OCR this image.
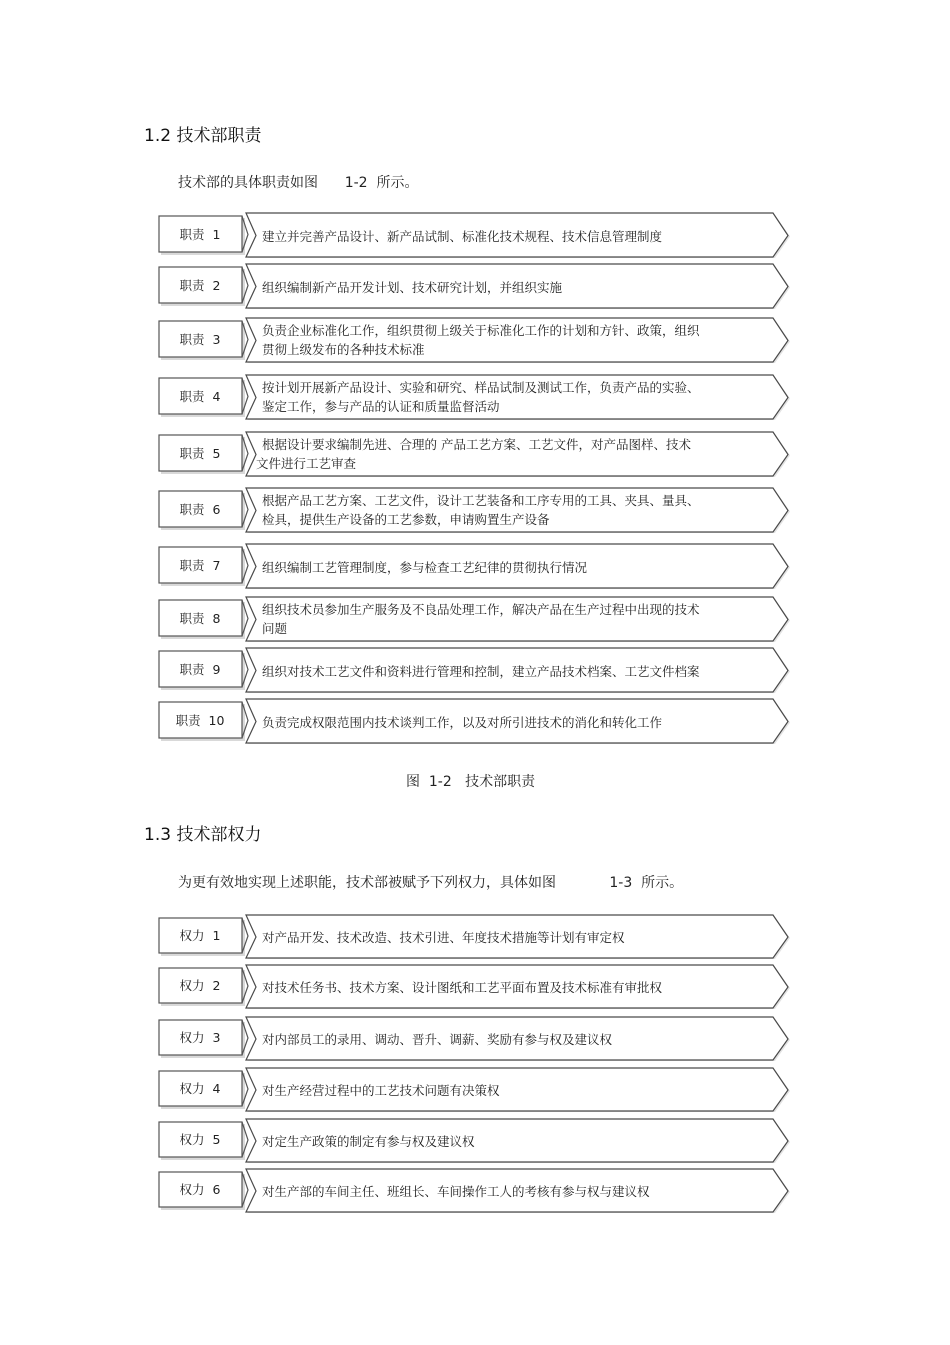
1.2 技术部职责
技术部的具体职责如图      1-2  所示。
职责  1	建立并完善产品设计、新产品试制、标准化技术规程、技术信息管理制度
职责  2	组织编制新产品开发计划、技术研究计划，并组织实施
职责  3
负责企业标准化工作，组织贯彻上级关于标准化工作的计划和方针、政策，组织
贯彻上级发布的各种技术标准
职责  4
按计划开展新产品设计、实验和研究、样品试制及测试工作，负责产品的实验、
鉴定工作，参与产品的认证和质量监督活动
职责  5
根据设计要求编制先进、合理的 产品工艺方案、工艺文件，对产品图样、技术
文件进行工艺审查
职责  6
根据产品工艺方案、工艺文件，设计工艺装备和工序专用的工具、夹具、量具、
检具，提供生产设备的工艺参数，申请购置生产设备
职责  7	组织编制工艺管理制度，参与检查工艺纪律的贯彻执行情况
职责  8
组织技术员参加生产服务及不良品处理工作，解决产品在生产过程中出现的技术
问题
职责  9	组织对技术工艺文件和资料进行管理和控制，建立产品技术档案、工艺文件档案
职责  10	负责完成权限范围内技术谈判工作，以及对所引进技术的消化和转化工作
图  1-2   技术部职责
1.3 技术部权力
为更有效地实现上述职能，技术部被赋予下列权力，具体如图            1-3  所示。
权力  1	对产品开发、技术改造、技术引进、年度技术措施等计划有审定权
权力  2	对技术任务书、技术方案、设计图纸和工艺平面布置及技术标准有审批权
权力  3	对内部员工的录用、调动、晋升、调薪、奖励有参与权及建议权
权力  4	对生产经营过程中的工艺技术问题有决策权
权力  5	对定生产政策的制定有参与权及建议权
权力  6	对生产部的车间主任、班组长、车间操作工人的考核有参与权与建议权
